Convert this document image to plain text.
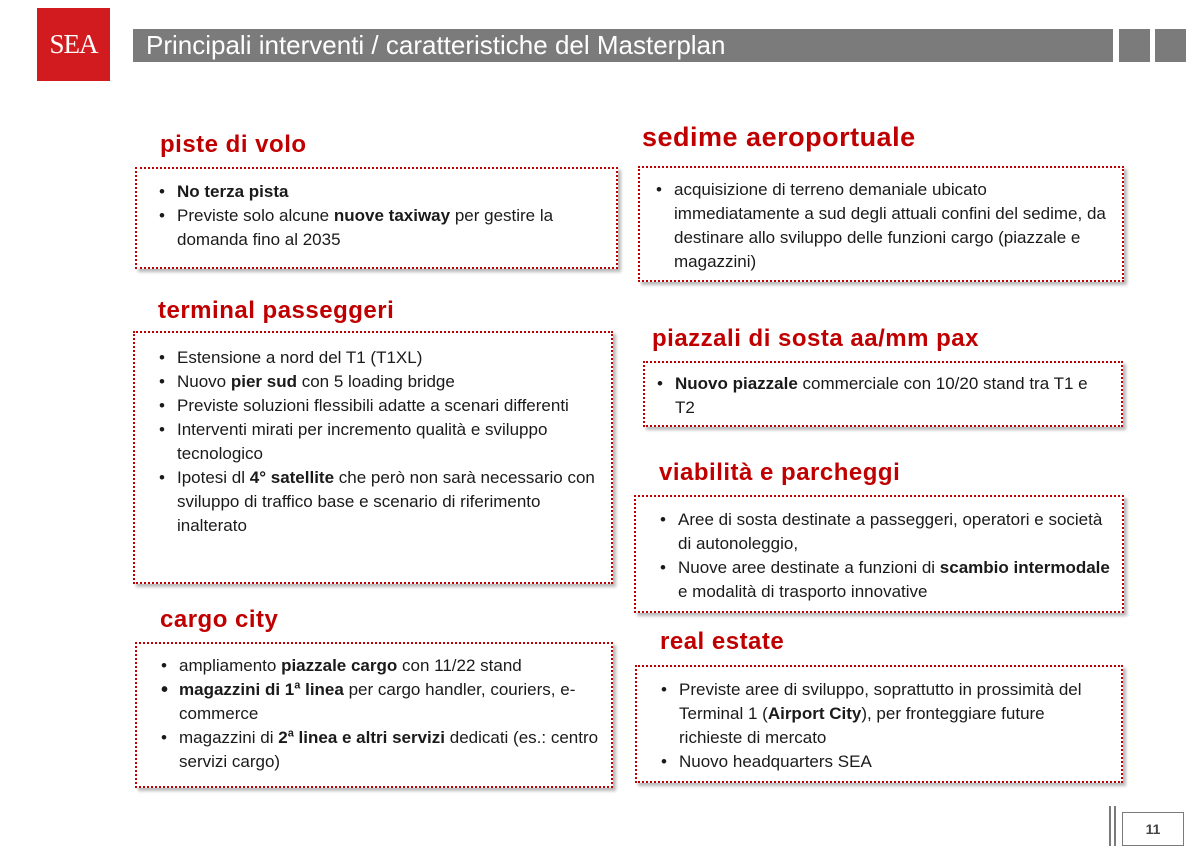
SEA	Principali interventi / caratteristiche del Masterplan
piste di volo
• No terza pista
• Previste solo alcune nuove taxiway per gestire la domanda fino al 2035
sedime aeroportuale
• acquisizione di terreno demaniale ubicato immediatamente a sud degli attuali confini del sedime, da destinare allo sviluppo delle funzioni cargo (piazzale e magazzini)
terminal passeggeri
• Estensione a nord del T1 (T1XL)
• Nuovo pier sud con 5 loading bridge
• Previste soluzioni flessibili adatte a scenari differenti
• Interventi mirati per incremento qualità e sviluppo tecnologico
• Ipotesi dl 4° satellite che però non sarà necessario con sviluppo di traffico base e scenario di riferimento inalterato
piazzali di sosta aa/mm pax
• Nuovo piazzale commerciale con 10/20 stand tra T1 e T2
viabilità e parcheggi
• Aree di sosta destinate a passeggeri, operatori e società di autonoleggio,
• Nuove aree destinate a funzioni di scambio intermodale e modalità di trasporto innovative
cargo city
• ampliamento piazzale cargo con 11/22 stand
• magazzini di 1$^a$ linea per cargo handler, couriers, e-commerce
• magazzini di 2$^a$ linea e altri servizi dedicati (es.: centro servizi cargo)
real estate
• Previste aree di sviluppo, soprattutto in prossimità del Terminal 1 (Airport City), per fronteggiare future richieste di mercato
• Nuovo headquarters SEA
11
